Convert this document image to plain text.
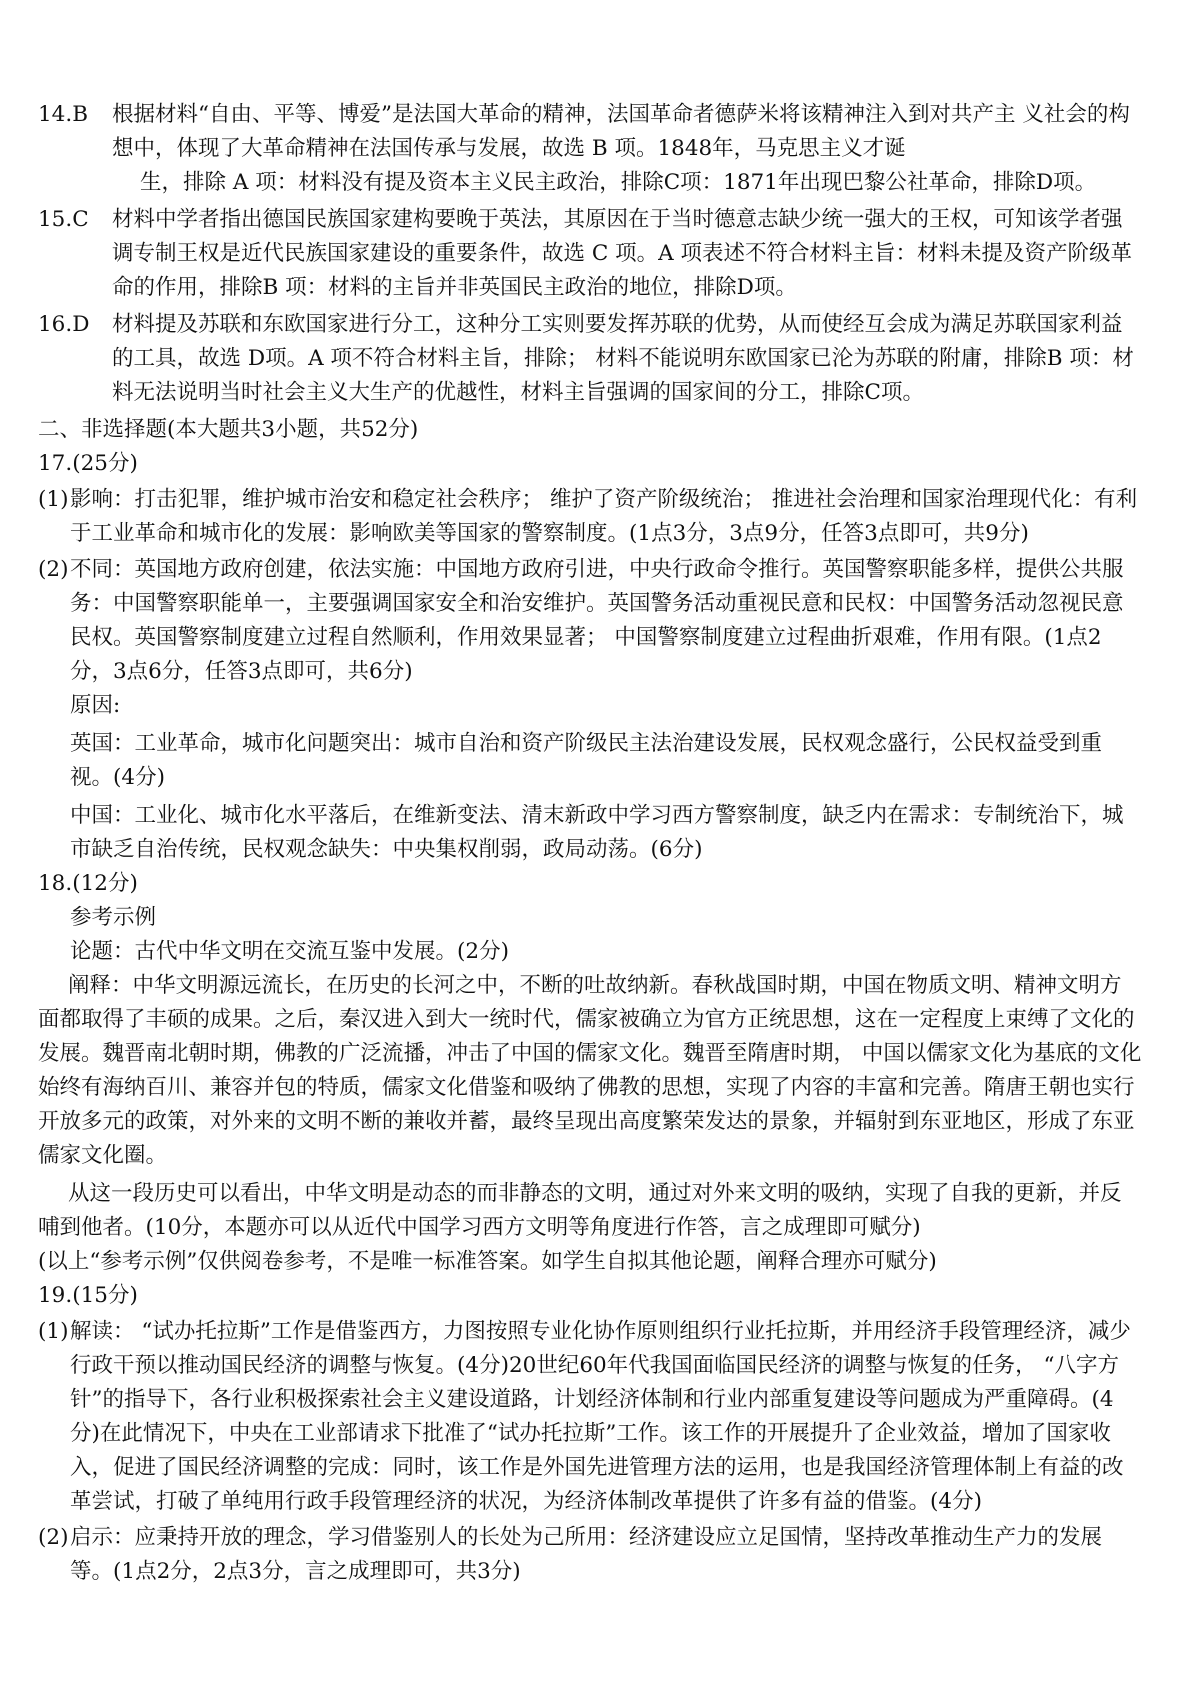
14.B	根据材料“自由、平等、博爱”是法国大革命的精神，法国革命者德萨米将该精神注入到对共产主 义社会的构想中，体现了大革命精神在法国传承与发展，故选 B 项。1848年，马克思主义才诞
生，排除 A 项：材料没有提及资本主义民主政治，排除C项：1871年出现巴黎公社革命，排除D项。
15.C	材料中学者指出德国民族国家建构要晚于英法，其原因在于当时德意志缺少统一强大的王权，可知该学者强调专制王权是近代民族国家建设的重要条件，故选 C 项。A 项表述不符合材料主旨：材料未提及资产阶级革命的作用，排除B 项：材料的主旨并非英国民主政治的地位，排除D项。
16.D	材料提及苏联和东欧国家进行分工，这种分工实则要发挥苏联的优势，从而使经互会成为满足苏联国家利益的工具，故选 D项。A 项不符合材料主旨，排除； 材料不能说明东欧国家已沦为苏联的附庸，排除B 项：材料无法说明当时社会主义大生产的优越性，材料主旨强调的国家间的分工，排除C项。
二、非选择题(本大题共3小题，共52分)
17.(25分)
(1) 影响：打击犯罪，维护城市治安和稳定社会秩序； 维护了资产阶级统治； 推进社会治理和国家治理现代化：有利于工业革命和城市化的发展：影响欧美等国家的警察制度。(1点3分，3点9分，任答3点即可，共9分)
(2) 不同：英国地方政府创建，依法实施：中国地方政府引进，中央行政命令推行。英国警察职能多样，提供公共服务：中国警察职能单一，主要强调国家安全和治安维护。英国警务活动重视民意和民权：中国警务活动忽视民意民权。英国警察制度建立过程自然顺利，作用效果显著； 中国警察制度建立过程曲折艰难，作用有限。(1点2分，3点6分，任答3点即可，共6分)
原因:
英国：工业革命，城市化问题突出：城市自治和资产阶级民主法治建设发展，民权观念盛行，公民权益受到重视。(4分)
中国：工业化、城市化水平落后，在维新变法、清末新政中学习西方警察制度，缺乏内在需求：专制统治下，城市缺乏自治传统，民权观念缺失：中央集权削弱，政局动荡。(6分)
18.(12分)
参考示例
论题：古代中华文明在交流互鉴中发展。(2分)
阐释：中华文明源远流长，在历史的长河之中，不断的吐故纳新。春秋战国时期，中国在物质文明、精神文明方面都取得了丰硕的成果。之后，秦汉进入到大一统时代，儒家被确立为官方正统思想，这在一定程度上束缚了文化的发展。魏晋南北朝时期，佛教的广泛流播，冲击了中国的儒家文化。魏晋至隋唐时期， 中国以儒家文化为基底的文化始终有海纳百川、兼容并包的特质，儒家文化借鉴和吸纳了佛教的思想，实现了内容的丰富和完善。隋唐王朝也实行开放多元的政策，对外来的文明不断的兼收并蓄，最终呈现出高度繁荣发达的景象，并辐射到东亚地区，形成了东亚儒家文化圈。
从这一段历史可以看出，中华文明是动态的而非静态的文明，通过对外来文明的吸纳，实现了自我的更新，并反哺到他者。(10分，本题亦可以从近代中国学习西方文明等角度进行作答，言之成理即可赋分)
(以上“参考示例”仅供阅卷参考，不是唯一标准答案。如学生自拟其他论题，阐释合理亦可赋分)
19.(15分)
(1) 解读： “试办托拉斯”工作是借鉴西方，力图按照专业化协作原则组织行业托拉斯，并用经济手段管理经济，减少行政干预以推动国民经济的调整与恢复。(4分)20世纪60年代我国面临国民经济的调整与恢复的任务， “八字方针”的指导下，各行业积极探索社会主义建设道路，计划经济体制和行业内部重复建设等问题成为严重障碍。(4分)在此情况下，中央在工业部请求下批准了“试办托拉斯”工作。该工作的开展提升了企业效益，增加了国家收入，促进了国民经济调整的完成：同时，该工作是外国先进管理方法的运用，也是我国经济管理体制上有益的改革尝试，打破了单纯用行政手段管理经济的状况，为经济体制改革提供了许多有益的借鉴。(4分)
(2) 启示：应秉持开放的理念，学习借鉴别人的长处为己所用：经济建设应立足国情，坚持改革推动生产力的发展等。(1点2分，2点3分，言之成理即可，共3分)
